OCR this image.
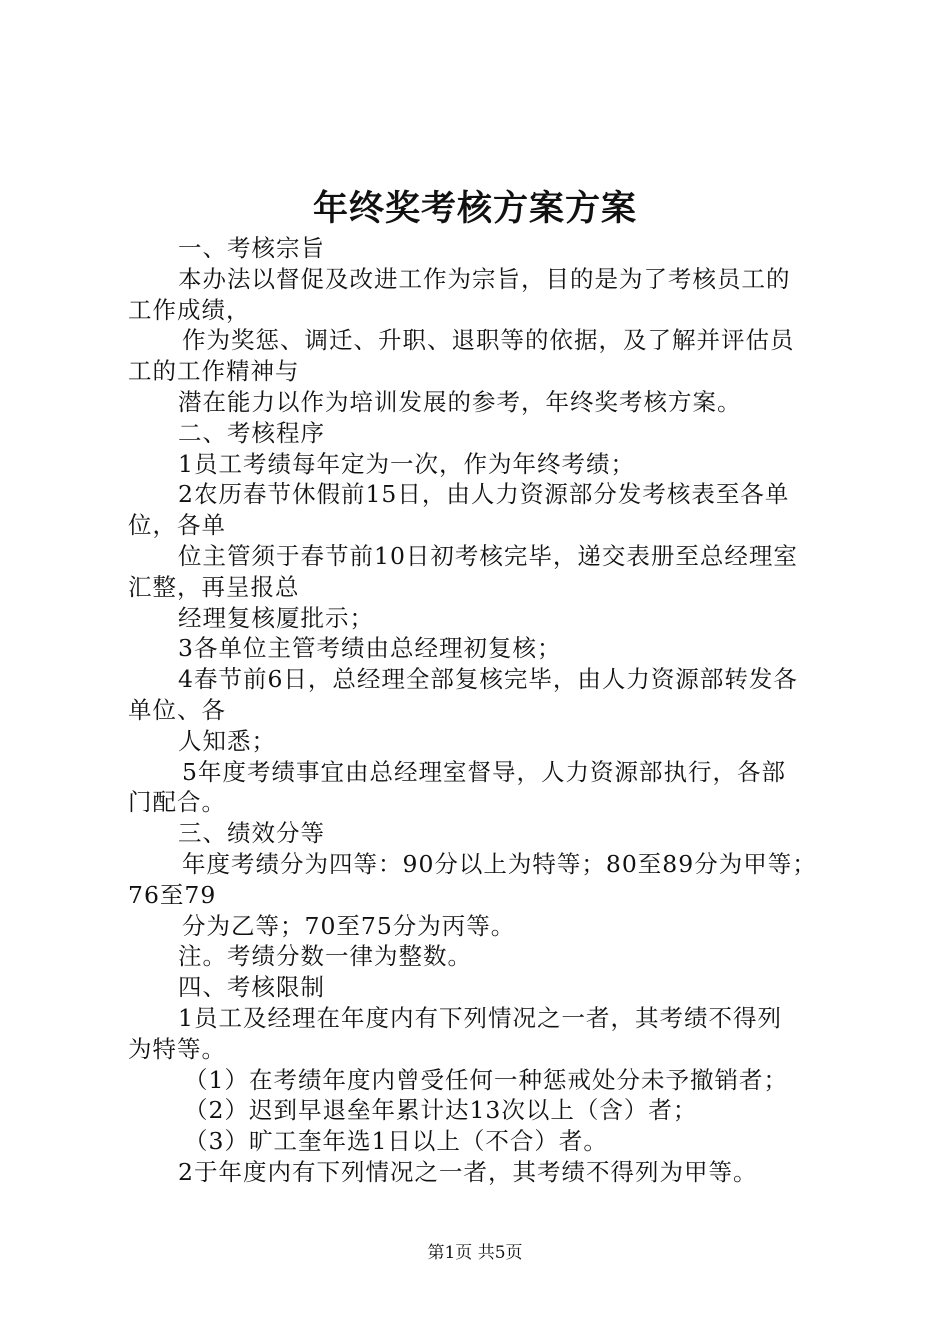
年终奖考核方案方案
一、考核宗旨
本办法以督促及改进工作为宗旨，目的是为了考核员工的
工作成绩，
作为奖惩、调迁、升职、退职等的依据，及了解并评估员
工的工作精神与
潜在能力以作为培训发展的参考，年终奖考核方案。
二、考核程序
1员工考绩每年定为一次，作为年终考绩；
2农历春节休假前15日，由人力资源部分发考核表至各单
位，各单
位主管须于春节前10日初考核完毕，递交表册至总经理室
汇整，再呈报总
经理复核厦批示；
3各单位主管考绩由总经理初复核；
4春节前6日，总经理全部复核完毕，由人力资源部转发各
单位、各
人知悉；
5年度考绩事宜由总经理室督导，人力资源部执行，各部
门配合。
三、绩效分等
年度考绩分为四等：90分以上为特等；80至89分为甲等；
76至79
分为乙等；70至75分为丙等。
注。考绩分数一律为整数。
四、考核限制
1员工及经理在年度内有下列情况之一者，其考绩不得列
为特等。
（1）在考绩年度内曾受任何一种惩戒处分未予撤销者；
（2）迟到早退垒年累计达13次以上（含）者；
（3）旷工奎年选1日以上（不合）者。
2于年度内有下列情况之一者，其考绩不得列为甲等。
第1页 共5页
